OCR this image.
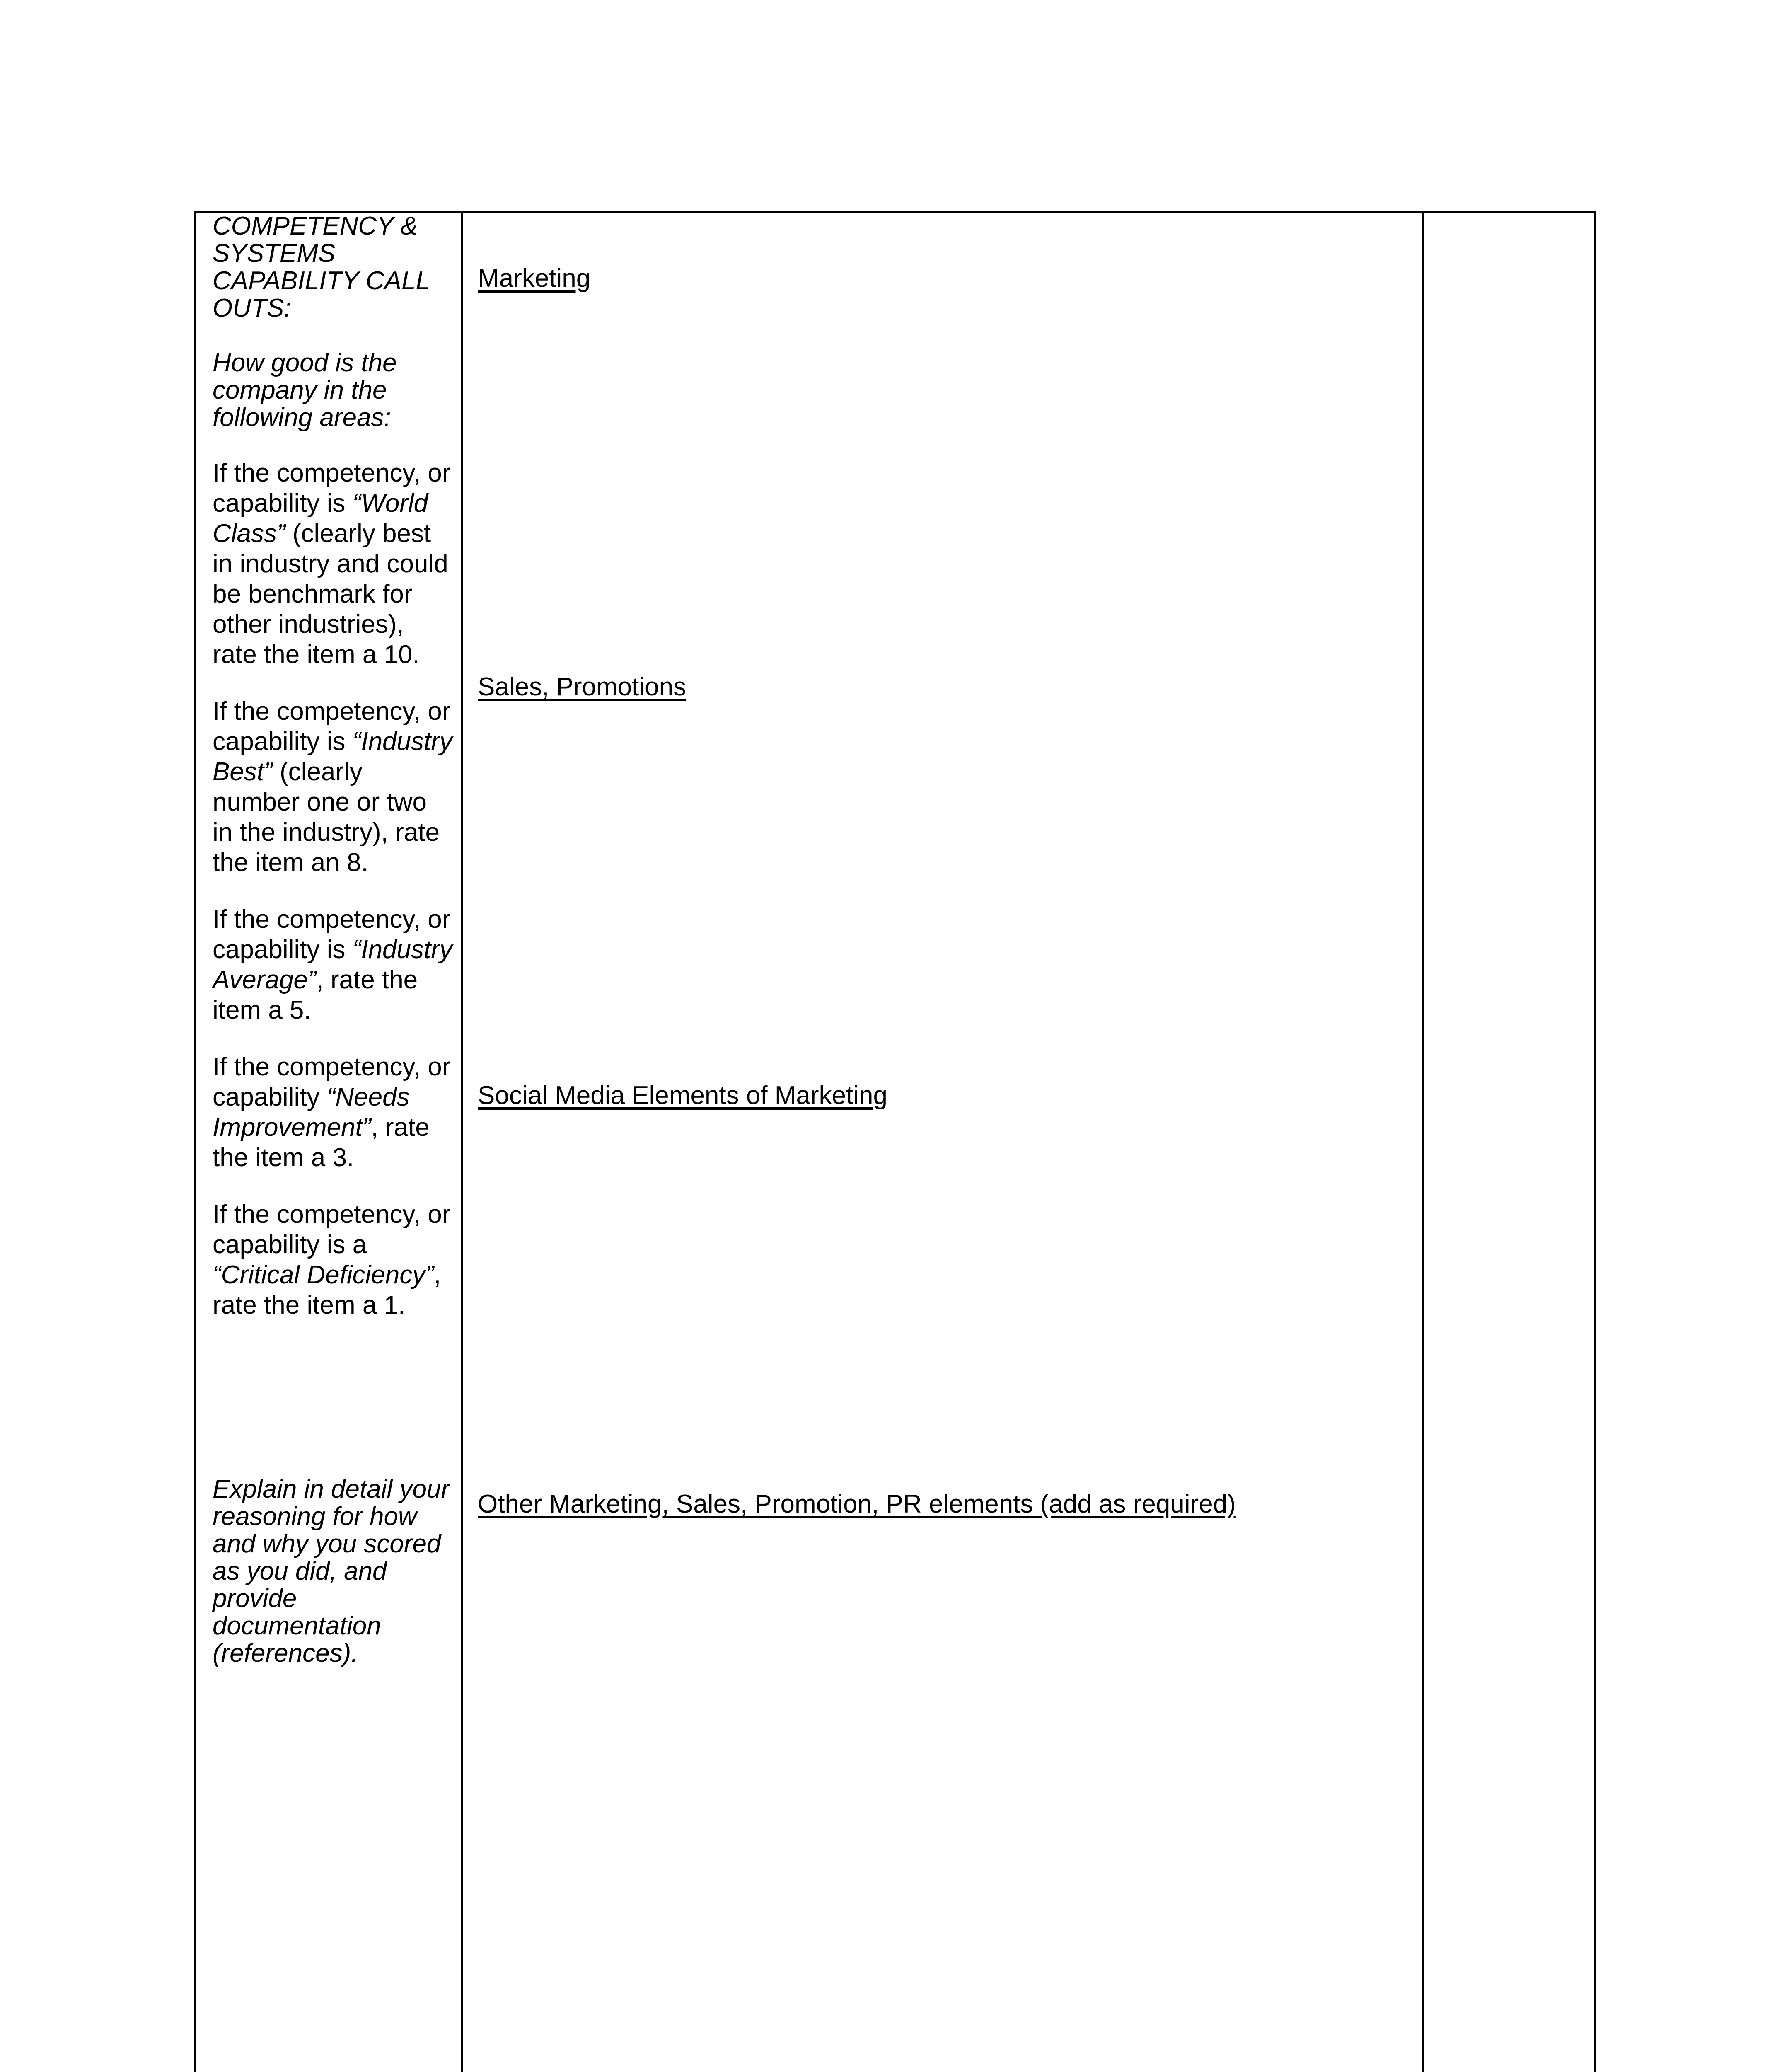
COMPETENCY & SYSTEMS CAPABILITY CALL OUTS:

How good is the company in the following areas:

If the competency, or capability is “World Class” (clearly best in industry and could be benchmark for other industries), rate the item a 10.

If the competency, or capability is “Industry Best” (clearly number one or two in the industry), rate the item an 8.

If the competency, or capability is “Industry Average”, rate the item a 5.

If the competency, or capability “Needs Improvement”, rate the item a 3.

If the competency, or capability is a “Critical Deficiency”, rate the item a 1.

Explain in detail your reasoning for how and why you scored as you did, and provide documentation (references).

Marketing
Sales, Promotions
Social Media Elements of Marketing
Other Marketing, Sales, Promotion, PR elements (add as required)
